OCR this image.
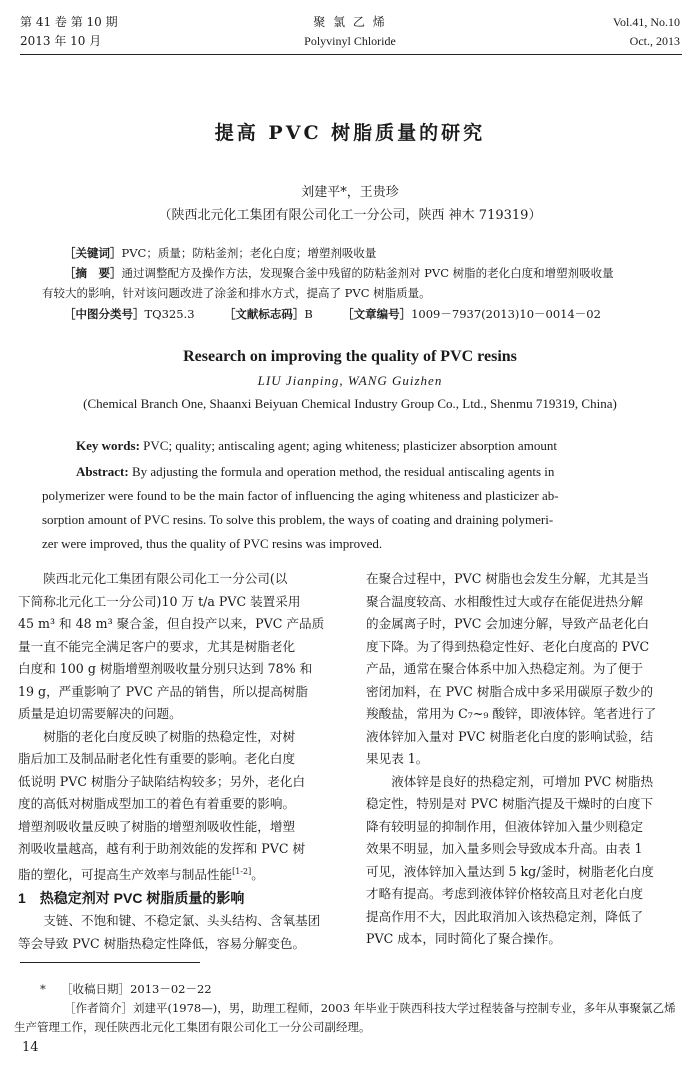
第 41 卷 第 10 期
2013 年 10 月
聚 氯 乙 烯
Polyvinyl Chloride
Vol.41, No.10
Oct., 2013
提高 PVC 树脂质量的研究
刘建平*，王贵珍
（陕西北元化工集团有限公司化工一分公司，陕西 神木 719319）
［关键词］PVC；质量；防粘釜剂；老化白度；增塑剂吸收量
［摘　要］通过调整配方及操作方法，发现聚合釜中残留的防粘釜剂对 PVC 树脂的老化白度和增塑剂吸收量
有较大的影响，针对该问题改进了涂釜和排水方式，提高了 PVC 树脂质量。
［中图分类号］TQ325.3	［文献标志码］B	［文章编号］1009－7937(2013)10－0014－02
Research on improving the quality of PVC resins
LIU Jianping, WANG Guizhen
(Chemical Branch One, Shaanxi Beiyuan Chemical Industry Group Co., Ltd., Shenmu 719319, China)
Key words: PVC; quality; antiscaling agent; aging whiteness; plasticizer absorption amount
Abstract: By adjusting the formula and operation method, the residual antiscaling agents in
polymerizer were found to be the main factor of influencing the aging whiteness and plasticizer ab-
sorption amount of PVC resins. To solve this problem, the ways of coating and draining polymeri-
zer were improved, thus the quality of PVC resins was improved.

陕西北元化工集团有限公司化工一分公司(以
下简称北元化工一分公司)10 万 t/a PVC 装置采用
45 m³ 和 48 m³ 聚合釜，但自投产以来，PVC 产品质
量一直不能完全满足客户的要求，尤其是树脂老化
白度和 100 g 树脂增塑剂吸收量分别只达到 78% 和
19 g，严重影响了 PVC 产品的销售，所以提高树脂
质量是迫切需要解决的问题。

树脂的老化白度反映了树脂的热稳定性，对树
脂后加工及制品耐老化性有重要的影响。老化白度
低说明 PVC 树脂分子缺陷结构较多；另外，老化白
度的高低对树脂成型加工的着色有着重要的影响。
增塑剂吸收量反映了树脂的增塑剂吸收性能，增塑
剂吸收量越高，越有利于助剂效能的发挥和 PVC 树
脂的塑化，可提高生产效率与制品性能[1-2]。

1　热稳定剂对 PVC 树脂质量的影响

支链、不饱和键、不稳定氯、头头结构、含氧基团
等会导致 PVC 树脂热稳定性降低，容易分解变色。

在聚合过程中，PVC 树脂也会发生分解，尤其是当
聚合温度较高、水相酸性过大或存在能促进热分解
的金属离子时，PVC 会加速分解，导致产品老化白
度下降。为了得到热稳定性好、老化白度高的 PVC
产品，通常在聚合体系中加入热稳定剂。为了便于
密闭加料，在 PVC 树脂合成中多采用碳原子数少的
羧酸盐，常用为 C₇~₉ 酸锌，即液体锌。笔者进行了
液体锌加入量对 PVC 树脂老化白度的影响试验，结
果见表 1。

液体锌是良好的热稳定剂，可增加 PVC 树脂热
稳定性，特别是对 PVC 树脂汽提及干燥时的白度下
降有较明显的抑制作用，但液体锌加入量少则稳定
效果不明显，加入量多则会导致成本升高。由表 1
可见，液体锌加入量达到 5 kg/釜时，树脂老化白度
才略有提高。考虑到液体锌价格较高且对老化白度
提高作用不大，因此取消加入该热稳定剂，降低了
PVC 成本，同时简化了聚合操作。

* ［收稿日期］2013－02－22
［作者简介］刘建平(1978—)，男，助理工程师，2003 年毕业于陕西科技大学过程装备与控制专业，多年从事聚氯乙烯
生产管理工作，现任陕西北元化工集团有限公司化工一分公司副经理。
14
